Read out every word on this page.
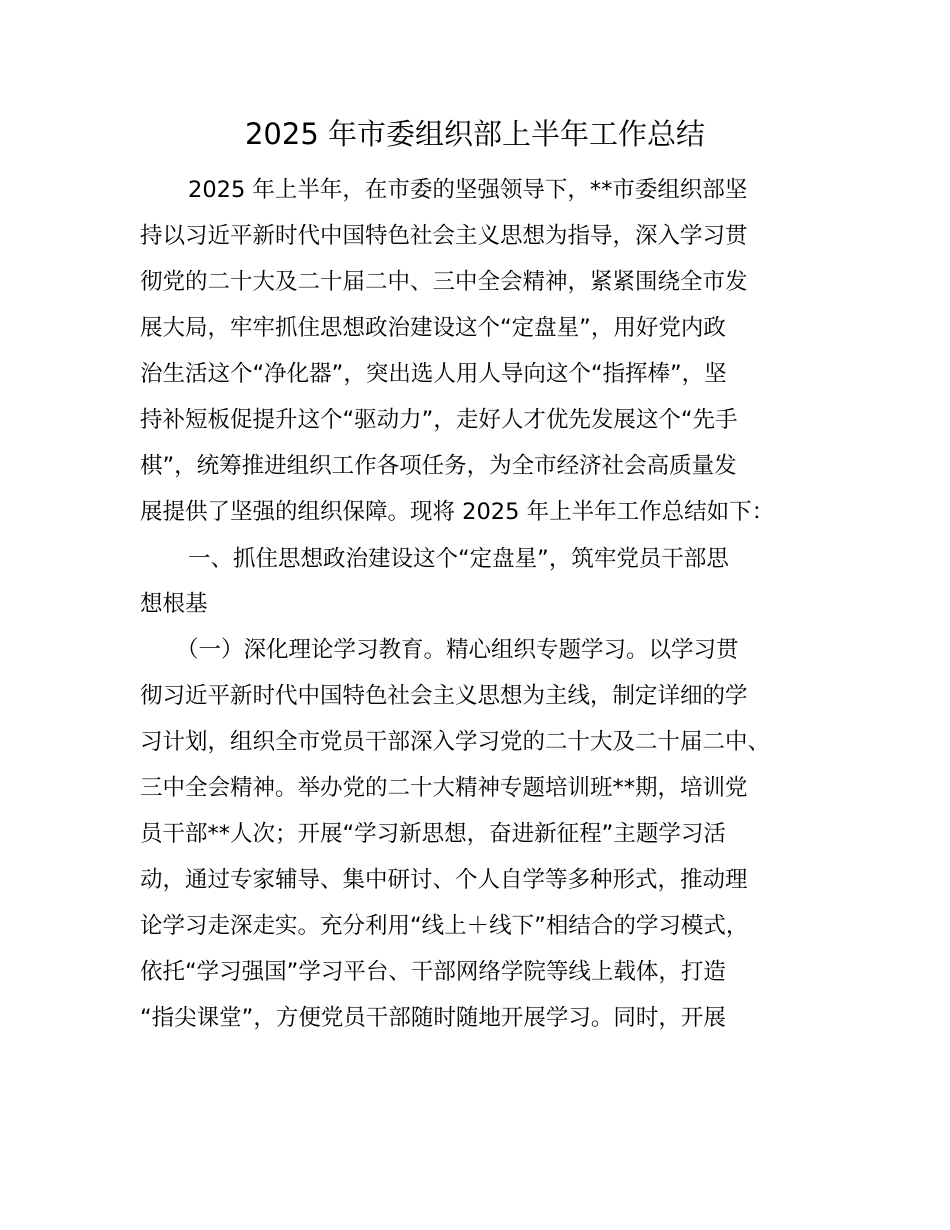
2025 年市委组织部上半年工作总结
2025 年上半年，在市委的坚强领导下，**市委组织部坚
持以习近平新时代中国特色社会主义思想为指导，深入学习贯
彻党的二十大及二十届二中、三中全会精神，紧紧围绕全市发
展大局，牢牢抓住思想政治建设这个“定盘星”，用好党内政
治生活这个“净化器”，突出选人用人导向这个“指挥棒”，坚
持补短板促提升这个“驱动力”，走好人才优先发展这个“先手
棋”，统筹推进组织工作各项任务，为全市经济社会高质量发
展提供了坚强的组织保障。现将 2025 年上半年工作总结如下：
一、抓住思想政治建设这个“定盘星”，筑牢党员干部思
想根基
（一）深化理论学习教育。精心组织专题学习。以学习贯
彻习近平新时代中国特色社会主义思想为主线，制定详细的学
习计划，组织全市党员干部深入学习党的二十大及二十届二中、
三中全会精神。举办党的二十大精神专题培训班**期，培训党
员干部**人次；开展“学习新思想，奋进新征程”主题学习活
动，通过专家辅导、集中研讨、个人自学等多种形式，推动理
论学习走深走实。充分利用“线上＋线下”相结合的学习模式，
依托“学习强国”学习平台、干部网络学院等线上载体，打造
“指尖课堂”，方便党员干部随时随地开展学习。同时，开展
